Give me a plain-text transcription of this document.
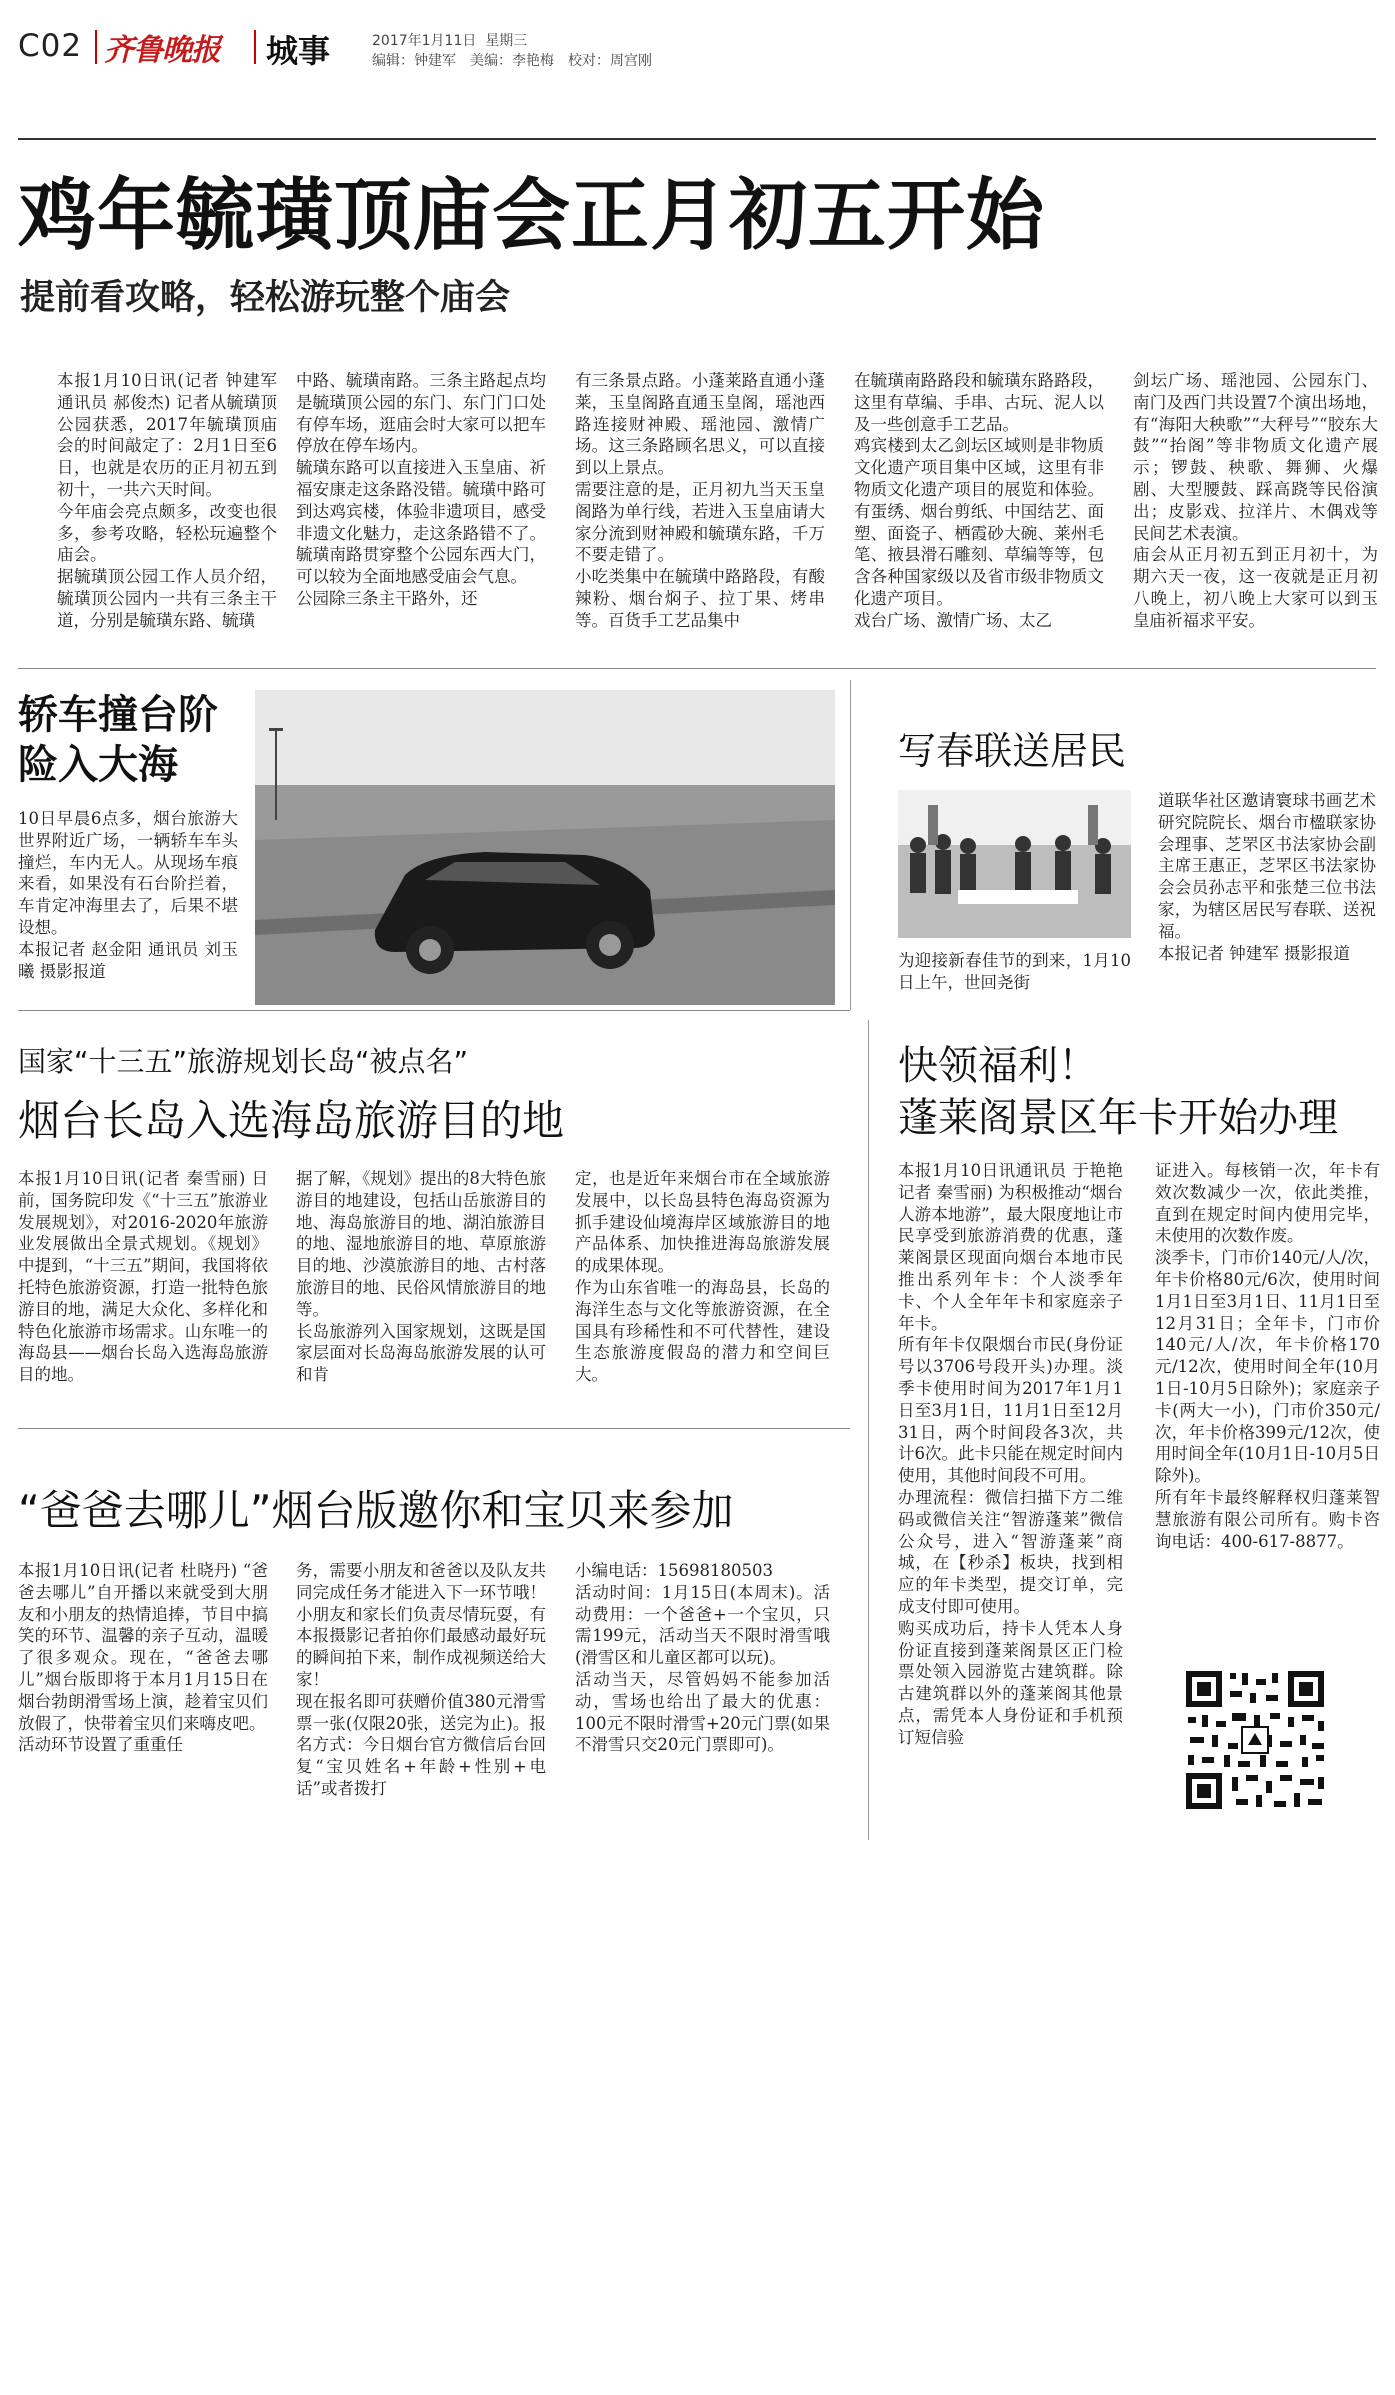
C02 齐鲁晚报 城事	2017年1月11日 星期三
编辑：钟建军　美编：李艳梅　校对：周宫刚
鸡年毓璜顶庙会正月初五开始
提前看攻略，轻松游玩整个庙会
本报1月10日讯(记者 钟建军 通讯员 郝俊杰) 记者从毓璜顶公园获悉，2017年毓璜顶庙会的时间敲定了：2月1日至6日，也就是农历的正月初五到初十，一共六天时间。
今年庙会亮点颇多，改变也很多，参考攻略，轻松玩遍整个庙会。
据毓璜顶公园工作人员介绍，毓璜顶公园内一共有三条主干道，分别是毓璜东路、毓璜
中路、毓璜南路。三条主路起点均是毓璜顶公园的东门、东门门口处有停车场，逛庙会时大家可以把车停放在停车场内。
毓璜东路可以直接进入玉皇庙、祈福安康走这条路没错。毓璜中路可到达鸡宾楼，体验非遗项目，感受非遗文化魅力，走这条路错不了。毓璜南路贯穿整个公园东西大门，可以较为全面地感受庙会气息。
公园除三条主干路外，还
有三条景点路。小蓬莱路直通小蓬莱，玉皇阁路直通玉皇阁，瑶池西路连接财神殿、瑶池园、激情广场。这三条路顾名思义，可以直接到以上景点。
需要注意的是，正月初九当天玉皇阁路为单行线，若进入玉皇庙请大家分流到财神殿和毓璜东路，千万不要走错了。
小吃类集中在毓璜中路路段，有酸辣粉、烟台焖子、拉丁果、烤串等。百货手工艺品集中
在毓璜南路路段和毓璜东路路段，这里有草编、手串、古玩、泥人以及一些创意手工艺品。
鸡宾楼到太乙剑坛区域则是非物质文化遗产项目集中区域，这里有非物质文化遗产项目的展览和体验。有蛋绣、烟台剪纸、中国结艺、面塑、面瓷子、栖霞砂大碗、莱州毛笔、掖县滑石雕刻、草编等等，包含各种国家级以及省市级非物质文化遗产项目。
戏台广场、激情广场、太乙
剑坛广场、瑶池园、公园东门、南门及西门共设置7个演出场地，有“海阳大秧歌”“大秤号”“胶东大鼓”“抬阁”等非物质文化遗产展示；锣鼓、秧歌、舞狮、火爆剧、大型腰鼓、踩高跷等民俗演出；皮影戏、拉洋片、木偶戏等民间艺术表演。
庙会从正月初五到正月初十，为期六天一夜，这一夜就是正月初八晚上，初八晚上大家可以到玉皇庙祈福求平安。
轿车撞台阶
险入大海
10日早晨6点多，烟台旅游大世界附近广场，一辆轿车车头撞烂，车内无人。从现场车痕来看，如果没有石台阶拦着，车肯定冲海里去了，后果不堪设想。
本报记者 赵金阳 通讯员 刘玉曦 摄影报道
写春联送居民
为迎接新春佳节的到来，1月10日上午，世回尧街
道联华社区邀请寰球书画艺术研究院院长、烟台市楹联家协会理事、芝罘区书法家协会副主席王惠正，芝罘区书法家协会会员孙志平和张楚三位书法家，为辖区居民写春联、送祝福。
本报记者 钟建军 摄影报道
国家“十三五”旅游规划长岛“被点名”
烟台长岛入选海岛旅游目的地
本报1月10日讯(记者 秦雪丽) 日前，国务院印发《“十三五”旅游业发展规划》，对2016-2020年旅游业发展做出全景式规划。《规划》中提到，“十三五”期间，我国将依托特色旅游资源，打造一批特色旅游目的地，满足大众化、多样化和特色化旅游市场需求。山东唯一的海岛县——烟台长岛入选海岛旅游目的地。
据了解，《规划》提出的8大特色旅游目的地建设，包括山岳旅游目的地、海岛旅游目的地、湖泊旅游目的地、湿地旅游目的地、草原旅游目的地、沙漠旅游目的地、古村落旅游目的地、民俗风情旅游目的地等。
长岛旅游列入国家规划，这既是国家层面对长岛海岛旅游发展的认可和肯
定，也是近年来烟台市在全域旅游发展中，以长岛县特色海岛资源为抓手建设仙境海岸区域旅游目的地产品体系、加快推进海岛旅游发展的成果体现。
作为山东省唯一的海岛县，长岛的海洋生态与文化等旅游资源，在全国具有珍稀性和不可代替性，建设生态旅游度假岛的潜力和空间巨大。
“爸爸去哪儿”烟台版邀你和宝贝来参加
本报1月10日讯(记者 杜晓丹) “爸爸去哪儿”自开播以来就受到大朋友和小朋友的热情追捧，节目中搞笑的环节、温馨的亲子互动，温暖了很多观众。现在，“爸爸去哪儿”烟台版即将于本月1月15日在烟台勃朗滑雪场上演，趁着宝贝们放假了，快带着宝贝们来嗨皮吧。
活动环节设置了重重任
务，需要小朋友和爸爸以及队友共同完成任务才能进入下一环节哦！小朋友和家长们负责尽情玩耍，有本报摄影记者拍你们最感动最好玩的瞬间拍下来，制作成视频送给大家！
现在报名即可获赠价值380元滑雪票一张(仅限20张，送完为止)。报名方式：今日烟台官方微信后台回复“宝贝姓名+年龄+性别+电话”或者拨打
小编电话：15698180503
活动时间：1月15日(本周末)。活动费用：一个爸爸+一个宝贝，只需199元，活动当天不限时滑雪哦(滑雪区和儿童区都可以玩)。
活动当天，尽管妈妈不能参加活动，雪场也给出了最大的优惠：100元不限时滑雪+20元门票(如果不滑雪只交20元门票即可)。
快领福利！
蓬莱阁景区年卡开始办理
本报1月10日讯通讯员 于艳艳 记者 秦雪丽) 为积极推动“烟台人游本地游”，最大限度地让市民享受到旅游消费的优惠，蓬莱阁景区现面向烟台本地市民推出系列年卡：个人淡季年卡、个人全年年卡和家庭亲子年卡。
所有年卡仅限烟台市民(身份证号以3706号段开头)办理。淡季卡使用时间为2017年1月1日至3月1日，11月1日至12月31日，两个时间段各3次，共计6次。此卡只能在规定时间内使用，其他时间段不可用。
办理流程：微信扫描下方二维码或微信关注“智游蓬莱”微信公众号，进入“智游蓬莱”商城，在【秒杀】板块，找到相应的年卡类型，提交订单，完成支付即可使用。
购买成功后，持卡人凭本人身份证直接到蓬莱阁景区正门检票处领入园游览古建筑群。除古建筑群以外的蓬莱阁其他景点，需凭本人身份证和手机预订短信验
证进入。每核销一次，年卡有效次数减少一次，依此类推，直到在规定时间内使用完毕，未使用的次数作废。
淡季卡，门市价140元/人/次，年卡价格80元/6次，使用时间1月1日至3月1日、11月1日至12月31日；全年卡，门市价140元/人/次，年卡价格170元/12次，使用时间全年(10月1日-10月5日除外)；家庭亲子卡(两大一小)，门市价350元/次，年卡价格399元/12次，使用时间全年(10月1日-10月5日除外)。
所有年卡最终解释权归蓬莱智慧旅游有限公司所有。购卡咨询电话：400-617-8877。
